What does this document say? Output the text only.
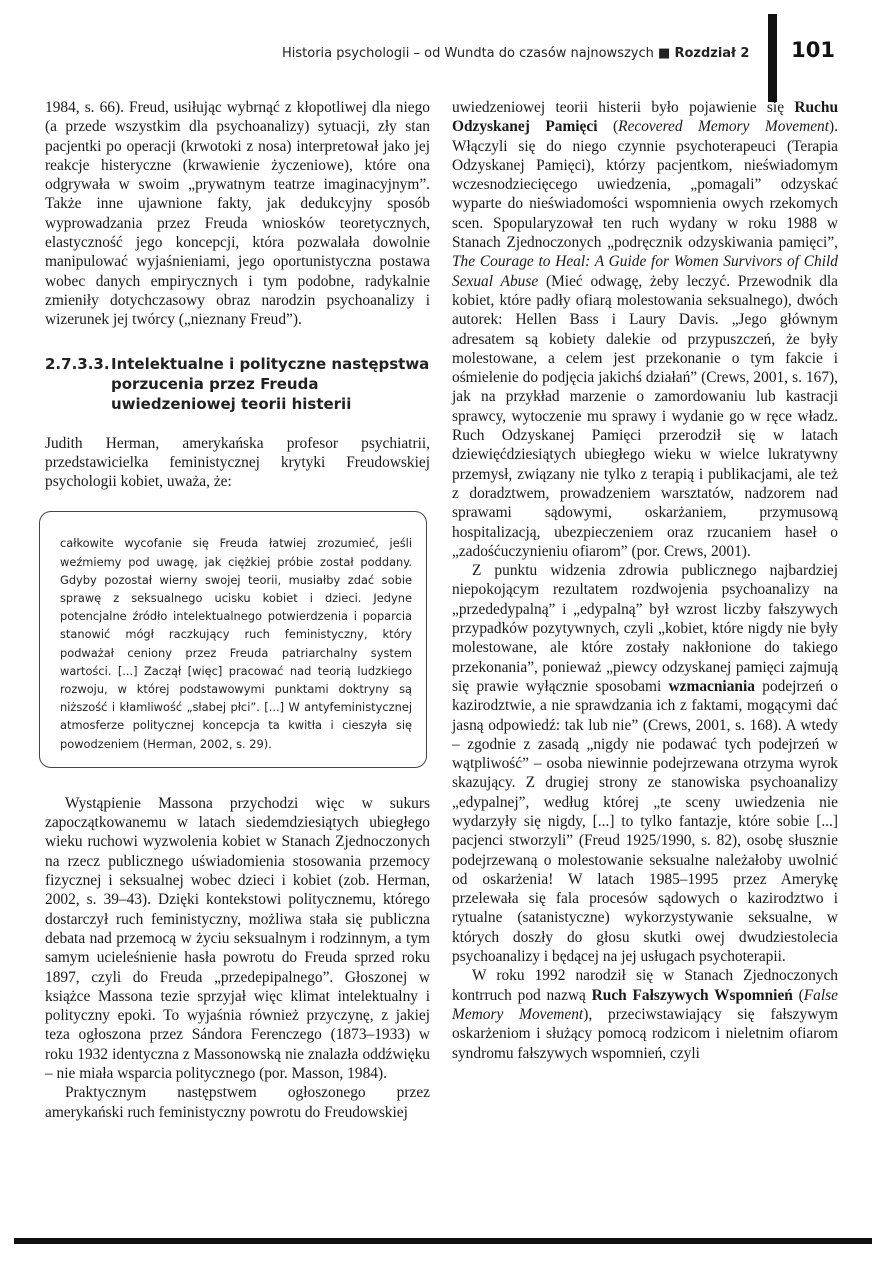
Historia psychologii – od Wundta do czasów najnowszych ■ Rozdział 2	101

1984, s. 66). Freud, usiłując wybrnąć z kłopotliwej dla niego (a przede wszystkim dla psychoanalizy) sytuacji, zły stan pacjentki po operacji (krwotoki z nosa) interpretował jako jej reakcje histeryczne (krwawienie życzeniowe), które ona odgrywała w swoim „prywatnym teatrze imaginacyjnym”. Także inne ujawnione fakty, jak dedukcyjny sposób wyprowadzania przez Freuda wniosków teoretycznych, elastyczność jego koncepcji, która pozwalała dowolnie manipulować wyjaśnieniami, jego oportunistyczna postawa wobec danych empirycznych i tym podobne, radykalnie zmieniły dotychczasowy obraz narodzin psychoanalizy i wizerunek jej twórcy („nieznany Freud”).

2.7.3.3. Intelektualne i polityczne następstwa porzucenia przez Freuda uwiedzeniowej teorii histerii

Judith Herman, amerykańska profesor psychiatrii, przedstawicielka feministycznej krytyki Freudowskiej psychologii kobiet, uważa, że:

całkowite wycofanie się Freuda łatwiej zrozumieć, jeśli weźmiemy pod uwagę, jak ciężkiej próbie został poddany. Gdyby pozostał wierny swojej teorii, musiałby zdać sobie sprawę z seksualnego ucisku kobiet i dzieci. Jedyne potencjalne źródło intelektualnego potwierdzenia i poparcia stanowić mógł raczkujący ruch feministyczny, który podważał ceniony przez Freuda patriarchalny system wartości. [...] Zaczął [więc] pracować nad teorią ludzkiego rozwoju, w której podstawowymi punktami doktryny są niższość i kłamliwość „słabej płci”. [...] W antyfeministycznej atmosferze politycznej koncepcja ta kwitła i cieszyła się powodzeniem (Herman, 2002, s. 29).

Wystąpienie Massona przychodzi więc w sukurs zapoczątkowanemu w latach siedemdziesiątych ubiegłego wieku ruchowi wyzwolenia kobiet w Stanach Zjednoczonych na rzecz publicznego uświadomienia stosowania przemocy fizycznej i seksualnej wobec dzieci i kobiet (zob. Herman, 2002, s. 39–43). Dzięki kontekstowi politycznemu, którego dostarczył ruch feministyczny, możliwa stała się publiczna debata nad przemocą w życiu seksualnym i rodzinnym, a tym samym ucieleśnienie hasła powrotu do Freuda sprzed roku 1897, czyli do Freuda „przedepipalnego”. Głoszonej w książce Massona tezie sprzyjał więc klimat intelektualny i polityczny epoki. To wyjaśnia również przyczynę, z jakiej teza ogłoszona przez Sándora Ferenczego (1873–1933) w roku 1932 identyczna z Massonowską nie znalazła oddźwięku – nie miała wsparcia politycznego (por. Masson, 1984).

Praktycznym następstwem ogłoszonego przez amerykański ruch feministyczny powrotu do Freudowskiej

uwiedzeniowej teorii histerii było pojawienie się Ruchu Odzyskanej Pamięci (Recovered Memory Movement). Włączyli się do niego czynnie psychoterapeuci (Terapia Odzyskanej Pamięci), którzy pacjentkom, nieświadomym wczesnodziecięcego uwiedzenia, „pomagali” odzyskać wyparte do nieświadomości wspomnienia owych rzekomych scen. Spopularyzował ten ruch wydany w roku 1988 w Stanach Zjednoczonych „podręcznik odzyskiwania pamięci”, The Courage to Heal: A Guide for Women Survivors of Child Sexual Abuse (Mieć odwagę, żeby leczyć. Przewodnik dla kobiet, które padły ofiarą molestowania seksualnego), dwóch autorek: Hellen Bass i Laury Davis. „Jego głównym adresatem są kobiety dalekie od przypuszczeń, że były molestowane, a celem jest przekonanie o tym fakcie i ośmielenie do podjęcia jakichś działań” (Crews, 2001, s. 167), jak na przykład marzenie o zamordowaniu lub kastracji sprawcy, wytoczenie mu sprawy i wydanie go w ręce władz. Ruch Odzyskanej Pamięci przerodził się w latach dziewięćdziesiątych ubiegłego wieku w wielce lukratywny przemysł, związany nie tylko z terapią i publikacjami, ale też z doradztwem, prowadzeniem warsztatów, nadzorem nad sprawami sądowymi, oskarżaniem, przymusową hospitalizacją, ubezpieczeniem oraz rzucaniem haseł o „zadośćuczynieniu ofiarom” (por. Crews, 2001).

Z punktu widzenia zdrowia publicznego najbardziej niepokojącym rezultatem rozdwojenia psychoanalizy na „przededypalną” i „edypalną” był wzrost liczby fałszywych przypadków pozytywnych, czyli „kobiet, które nigdy nie były molestowane, ale które zostały nakłonione do takiego przekonania”, ponieważ „piewcy odzyskanej pamięci zajmują się prawie wyłącznie sposobami wzmacniania podejrzeń o kazirodztwie, a nie sprawdzania ich z faktami, mogącymi dać jasną odpowiedź: tak lub nie” (Crews, 2001, s. 168). A wtedy – zgodnie z zasadą „nigdy nie podawać tych podejrzeń w wątpliwość” – osoba niewinnie podejrzewana otrzyma wyrok skazujący. Z drugiej strony ze stanowiska psychoanalizy „edypalnej”, według której „te sceny uwiedzenia nie wydarzyły się nigdy, [...] to tylko fantazje, które sobie [...] pacjenci stworzyli” (Freud 1925/1990, s. 82), osobę słusznie podejrzewaną o molestowanie seksualne należałoby uwolnić od oskarżenia! W latach 1985–1995 przez Amerykę przelewała się fala procesów sądowych o kazirodztwo i rytualne (satanistyczne) wykorzystywanie seksualne, w których doszły do głosu skutki owej dwudziestolecia psychoanalizy i będącej na jej usługach psychoterapii.

W roku 1992 narodził się w Stanach Zjednoczonych kontrruch pod nazwą Ruch Fałszywych Wspomnień (False Memory Movement), przeciwstawiający się fałszywym oskarżeniom i służący pomocą rodzicom i nieletnim ofiarom syndromu fałszywych wspomnień, czyli
